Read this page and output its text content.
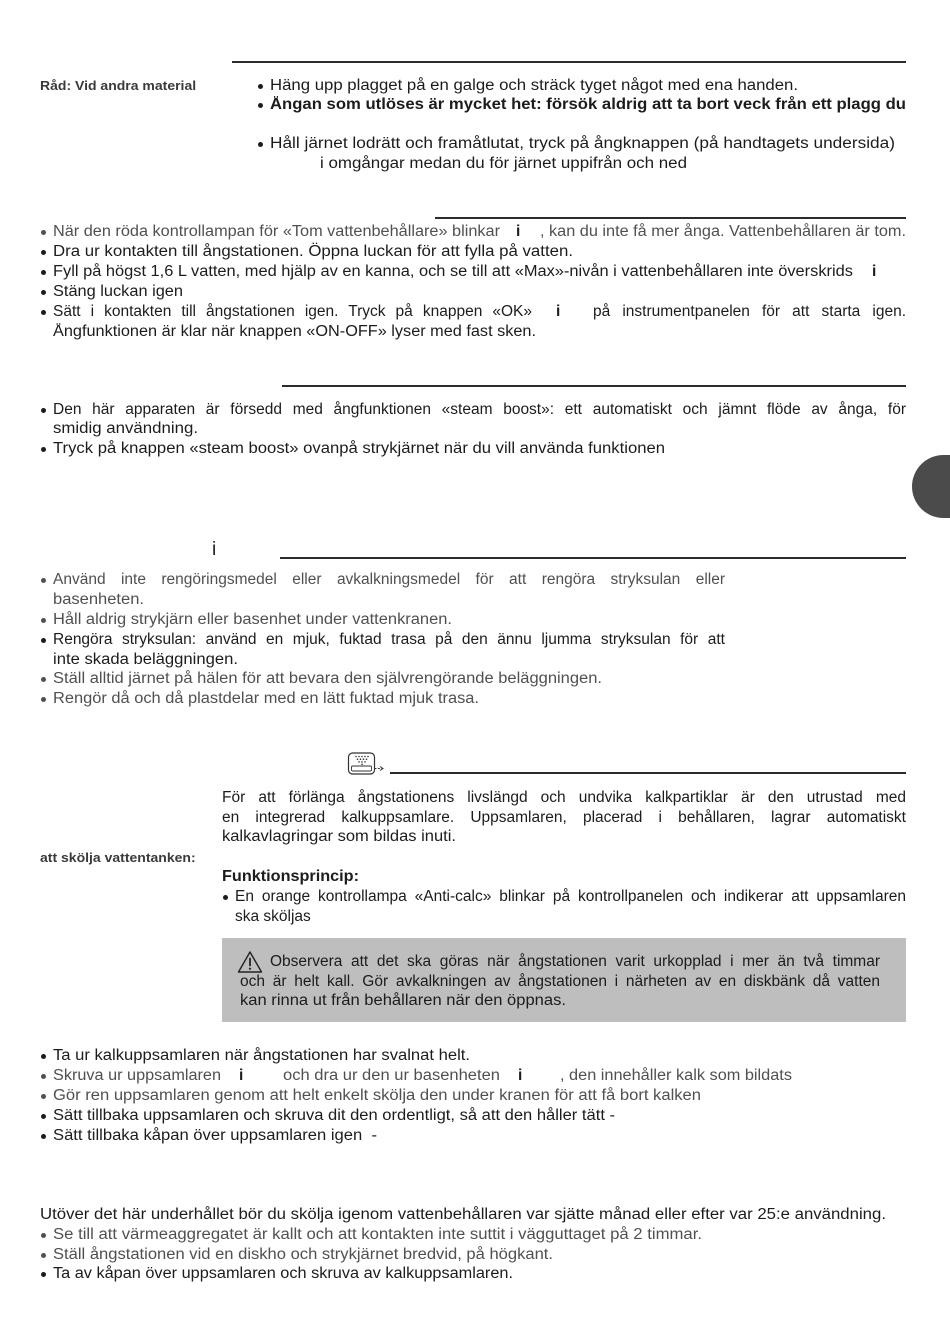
Råd: Vid andra material	Häng upp plagget på en galge och sträck tyget något med ena handen.
Ångan som utlöses är mycket het: försök aldrig att ta bort veck från ett plagg du
Håll järnet lodrätt och framåtlutat, tryck på ångknappen (på handtagets undersida)
i omgångar medan du för järnet uppifrån och ned
När den röda kontrollampan för «Tom vattenbehållare» blinkar i , kan du inte få mer ånga. Vattenbehållaren är tom.
Dra ur kontakten till ångstationen. Öppna luckan för att fylla på vatten.
Fyll på högst 1,6 L vatten, med hjälp av en kanna, och se till att «Max»-nivån i vattenbehållaren inte överskrids i
Stäng luckan igen
Sätt i kontakten till ångstationen igen. Tryck på knappen «OK» i på instrumentpanelen för att starta igen.
Ångfunktionen är klar när knappen «ON-OFF» lyser med fast sken.
Den här apparaten är försedd med ångfunktionen «steam boost»: ett automatiskt och jämnt flöde av ånga, för
smidig användning.
Tryck på knappen «steam boost» ovanpå strykjärnet när du vill använda funktionen
i
Använd inte rengöringsmedel eller avkalkningsmedel för att rengöra stryksulan eller
basenheten.
Håll aldrig strykjärn eller basenhet under vattenkranen.
Rengöra stryksulan: använd en mjuk, fuktad trasa på den ännu ljumma stryksulan för att
inte skada beläggningen.
Ställ alltid järnet på hälen för att bevara den självrengörande beläggningen.
Rengör då och då plastdelar med en lätt fuktad mjuk trasa.
För att förlänga ångstationens livslängd och undvika kalkpartiklar är den utrustad med
en integrerad kalkuppsamlare. Uppsamlaren, placerad i behållaren, lagrar automatiskt
kalkavlagringar som bildas inuti.
att skölja vattentanken:
Funktionsprincip:
En orange kontrollampa «Anti-calc» blinkar på kontrollpanelen och indikerar att uppsamlaren
ska sköljas
Observera att det ska göras när ångstationen varit urkopplad i mer än två timmar
och är helt kall. Gör avkalkningen av ångstationen i närheten av en diskbänk då vatten
kan rinna ut från behållaren när den öppnas.
Ta ur kalkuppsamlaren när ångstationen har svalnat helt.
Skruva ur uppsamlaren i	och dra ur den ur basenheten i , den innehåller kalk som bildats
Gör ren uppsamlaren genom att helt enkelt skölja den under kranen för att få bort kalken
Sätt tillbaka uppsamlaren och skruva dit den ordentligt, så att den håller tätt -
Sätt tillbaka kåpan över uppsamlaren igen  -
Utöver det här underhållet bör du skölja igenom vattenbehållaren var sjätte månad eller efter var 25:e användning.
Se till att värmeaggregatet är kallt och att kontakten inte suttit i vägguttaget på 2 timmar.
Ställ ångstationen vid en diskho och strykjärnet bredvid, på högkant.
Ta av kåpan över uppsamlaren och skruva av kalkuppsamlaren.
